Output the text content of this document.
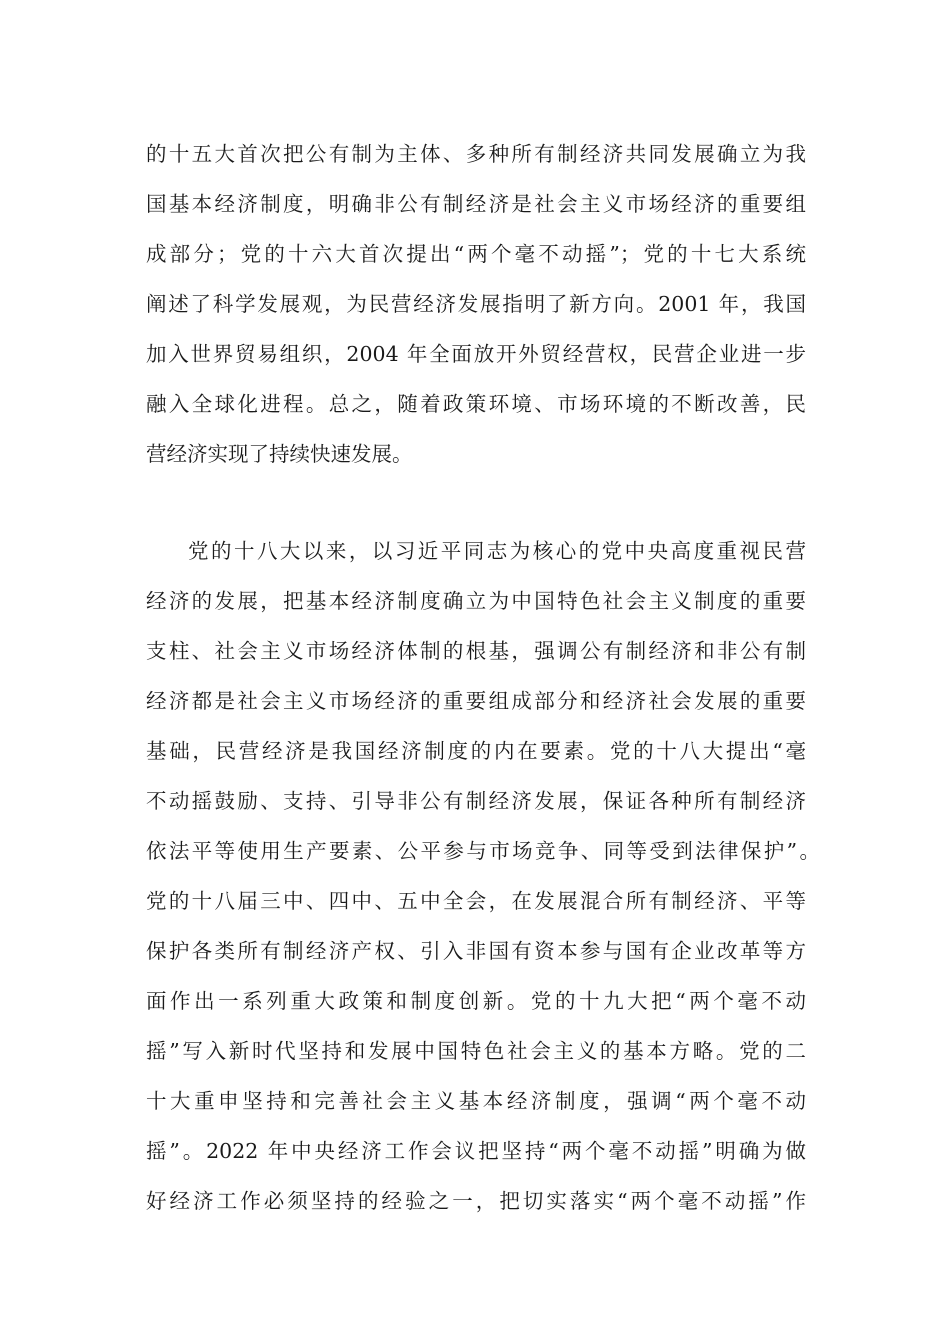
的十五大首次把公有制为主体、多种所有制经济共同发展确立为我
国基本经济制度，明确非公有制经济是社会主义市场经济的重要组
成部分；党的十六大首次提出“两个毫不动摇”；党的十七大系统
阐述了科学发展观，为民营经济发展指明了新方向。2001 年，我国
加入世界贸易组织，2004 年全面放开外贸经营权，民营企业进一步
融入全球化进程。总之，随着政策环境、市场环境的不断改善，民
营经济实现了持续快速发展。
党的十八大以来，以习近平同志为核心的党中央高度重视民营
经济的发展，把基本经济制度确立为中国特色社会主义制度的重要
支柱、社会主义市场经济体制的根基，强调公有制经济和非公有制
经济都是社会主义市场经济的重要组成部分和经济社会发展的重要
基础，民营经济是我国经济制度的内在要素。党的十八大提出“毫
不动摇鼓励、支持、引导非公有制经济发展，保证各种所有制经济
依法平等使用生产要素、公平参与市场竞争、同等受到法律保护”。
党的十八届三中、四中、五中全会，在发展混合所有制经济、平等
保护各类所有制经济产权、引入非国有资本参与国有企业改革等方
面作出一系列重大政策和制度创新。党的十九大把“两个毫不动
摇”写入新时代坚持和发展中国特色社会主义的基本方略。党的二
十大重申坚持和完善社会主义基本经济制度，强调“两个毫不动
摇”。2022 年中央经济工作会议把坚持“两个毫不动摇”明确为做
好经济工作必须坚持的经验之一，把切实落实“两个毫不动摇”作
